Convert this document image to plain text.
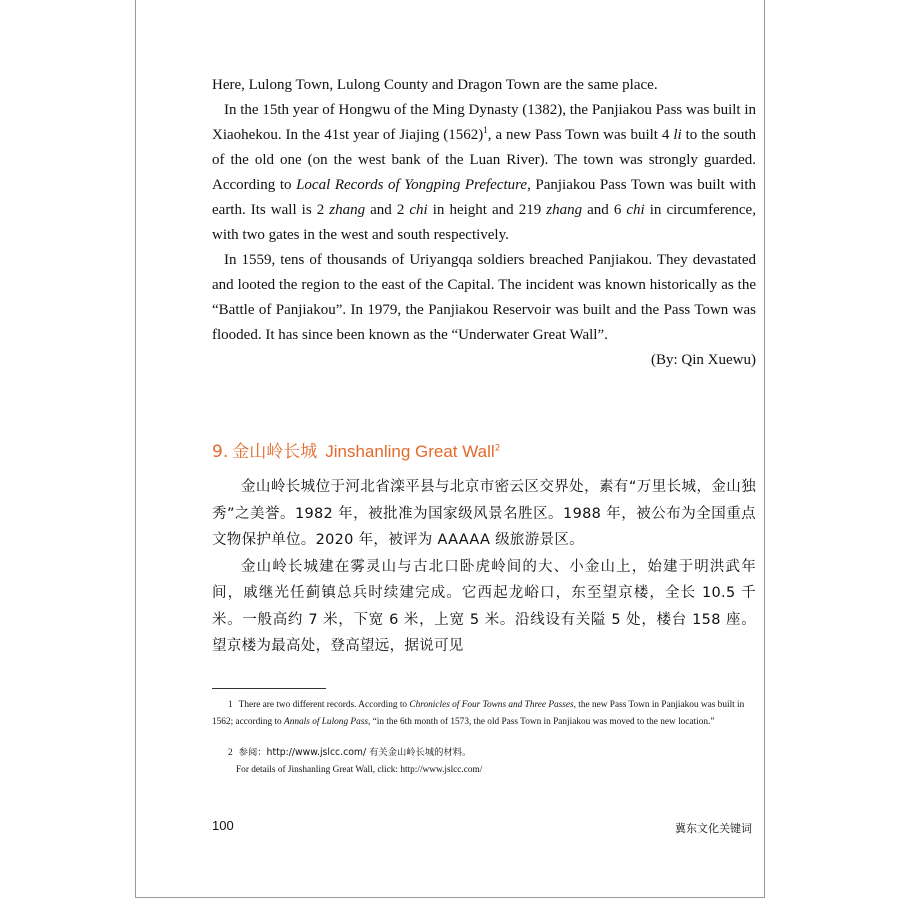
Here, Lulong Town, Lulong County and Dragon Town are the same place.

In the 15th year of Hongwu of the Ming Dynasty (1382), the Panjiakou Pass was built in Xiaohekou. In the 41st year of Jiajing $(1562)^1$, a new Pass Town was built 4 li to the south of the old one (on the west bank of the Luan River). The town was strongly guarded. According to Local Records of Yongping Prefecture, Panjiakou Pass Town was built with earth. Its wall is 2 zhang and 2 chi in height and 219 zhang and 6 chi in circumference, with two gates in the west and south respectively.

In 1559, tens of thousands of Uriyangqa soldiers breached Panjiakou. They devastated and looted the region to the east of the Capital. The incident was known historically as the “Battle of Panjiakou”. In 1979, the Panjiakou Reservoir was built and the Pass Town was flooded. It has since been known as the “Underwater Great Wall”.

(By: Qin Xuewu)

9. 金山岭长城 Jinshanling Great Wall$^2$

金山岭长城位于河北省滦平县与北京市密云区交界处，素有“万里长城，金山独秀”之美誉。1982 年，被批准为国家级风景名胜区。1988 年，被公布为全国重点文物保护单位。2020 年，被评为 AAAAA 级旅游景区。

金山岭长城建在雾灵山与古北口卧虎岭间的大、小金山上，始建于明洪武年间，戚继光任蓟镇总兵时续建完成。它西起龙峪口，东至望京楼，全长 10.5 千米。一般高约 7 米，下宽 6 米，上宽 5 米。沿线设有关隘 5 处，楼台 158 座。望京楼为最高处，登高望远，据说可见

1 There are two different records. According to Chronicles of Four Towns and Three Passes, the new Pass Town in Panjiakou was built in 1562; according to Annals of Lulong Pass, “in the 6th month of 1573, the old Pass Town in Panjiakou was moved to the new location.”

2 参阅：http://www.jslcc.com/ 有关金山岭长城的材料。
For details of Jinshanling Great Wall, click: http://www.jslcc.com/

100	冀东文化关键词
